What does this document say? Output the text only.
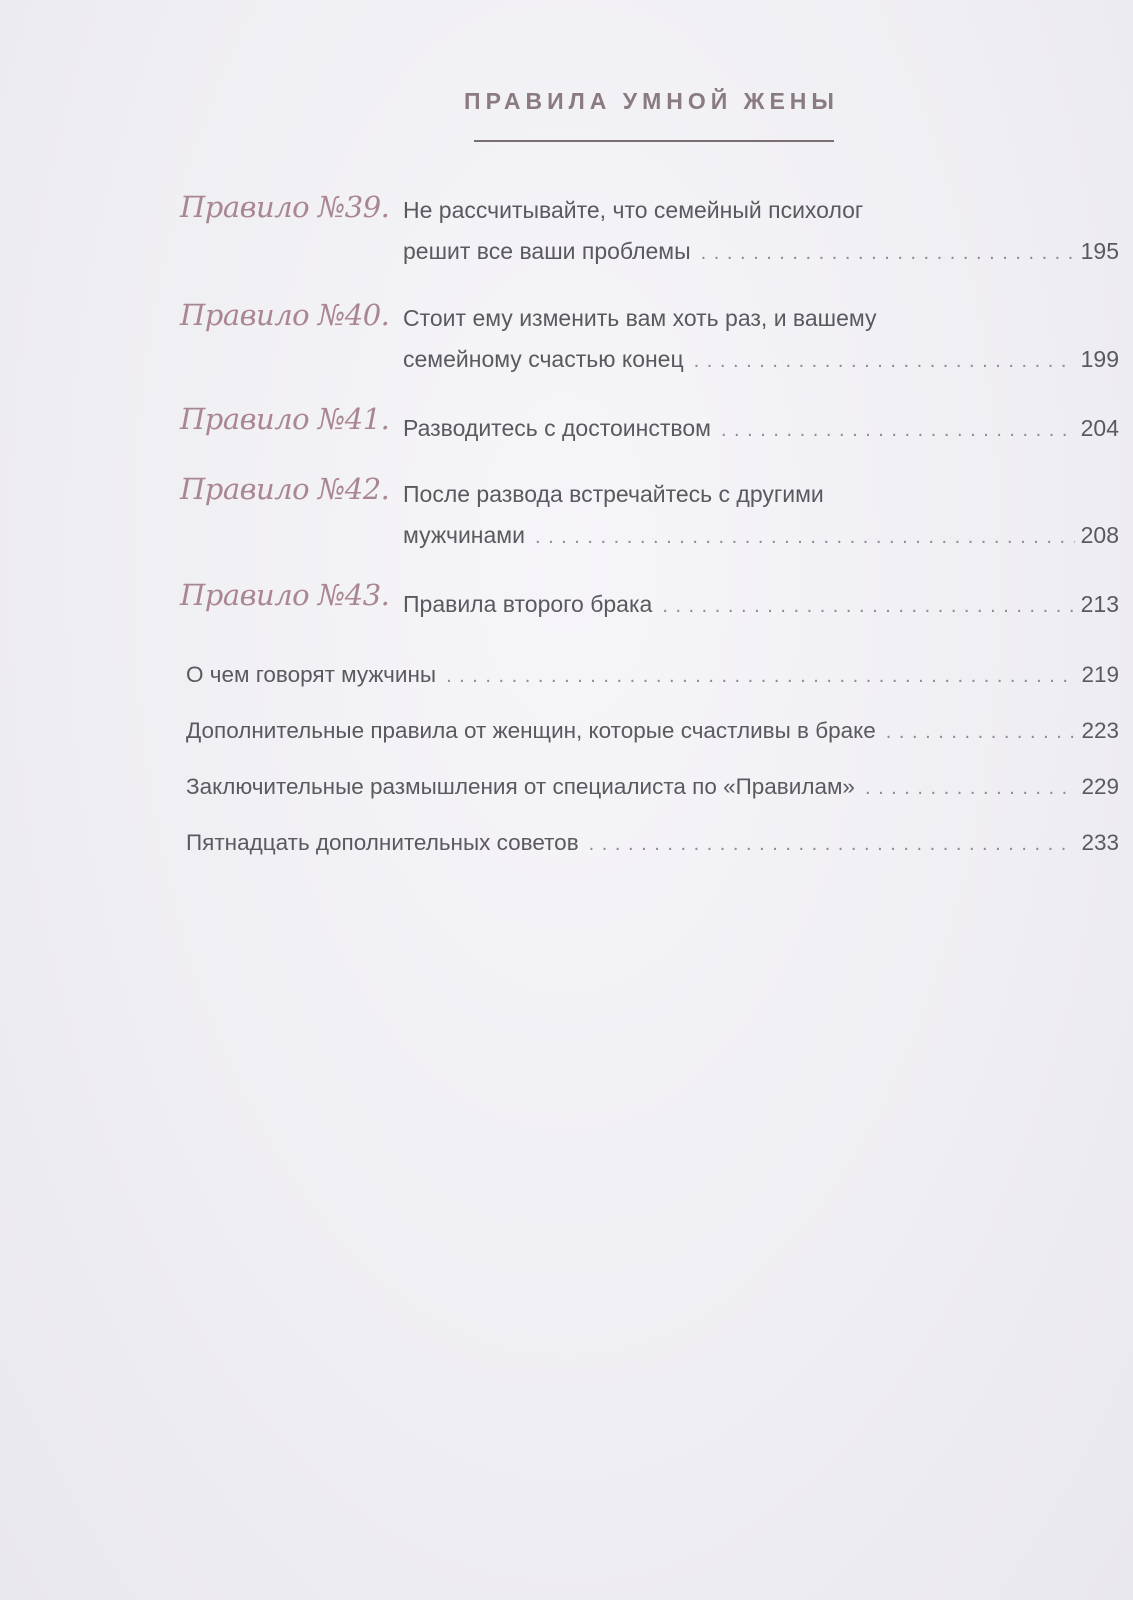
ПРАВИЛА УМНОЙ ЖЕНЫ
Правило №39. Не рассчитывайте, что семейный психолог
решит все ваши проблемы . . .	195
Правило №40. Стоит ему изменить вам хоть раз, и вашему
семейному счастью конец . . .	199
Правило №41. Разводитесь с достоинством . . .	204
Правило №42. После развода встречайтесь с другими
мужчинами . . .	208
Правило №43. Правила второго брака . . .	213
О чем говорят мужчины . . .	219
Дополнительные правила от женщин, которые счастливы в браке . . .	223
Заключительные размышления от специалиста по «Правилам» . . .	229
Пятнадцать дополнительных советов . . .	233
